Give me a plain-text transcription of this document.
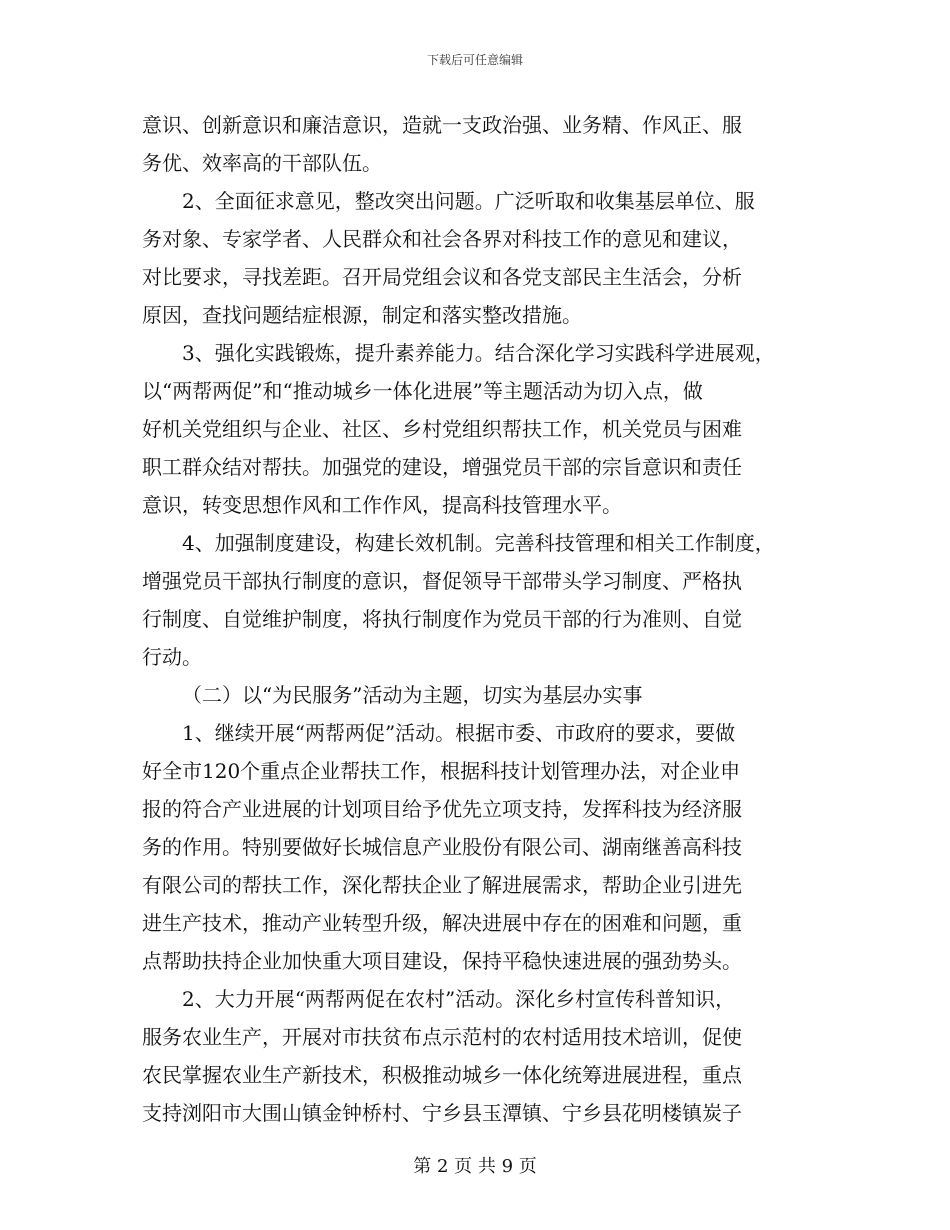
下载后可任意编辑
意识、创新意识和廉洁意识，造就一支政治强、业务精、作风正、服
务优、效率高的干部队伍。
2、全面征求意见，整改突出问题。广泛听取和收集基层单位、服
务对象、专家学者、人民群众和社会各界对科技工作的意见和建议，
对比要求，寻找差距。召开局党组会议和各党支部民主生活会，分析
原因，查找问题结症根源，制定和落实整改措施。
3、强化实践锻炼，提升素养能力。结合深化学习实践科学进展观，
以“两帮两促”和“推动城乡一体化进展”等主题活动为切入点，做
好机关党组织与企业、社区、乡村党组织帮扶工作，机关党员与困难
职工群众结对帮扶。加强党的建设，增强党员干部的宗旨意识和责任
意识，转变思想作风和工作作风，提高科技管理水平。
4、加强制度建设，构建长效机制。完善科技管理和相关工作制度，
增强党员干部执行制度的意识，督促领导干部带头学习制度、严格执
行制度、自觉维护制度，将执行制度作为党员干部的行为准则、自觉
行动。
（二）以“为民服务”活动为主题，切实为基层办实事
1、继续开展“两帮两促”活动。根据市委、市政府的要求，要做
好全市120个重点企业帮扶工作，根据科技计划管理办法，对企业申
报的符合产业进展的计划项目给予优先立项支持，发挥科技为经济服
务的作用。特别要做好长城信息产业股份有限公司、湖南继善高科技
有限公司的帮扶工作，深化帮扶企业了解进展需求，帮助企业引进先
进生产技术，推动产业转型升级，解决进展中存在的困难和问题，重
点帮助扶持企业加快重大项目建设，保持平稳快速进展的强劲势头。
2、大力开展“两帮两促在农村”活动。深化乡村宣传科普知识，
服务农业生产，开展对市扶贫布点示范村的农村适用技术培训，促使
农民掌握农业生产新技术，积极推动城乡一体化统筹进展进程，重点
支持浏阳市大围山镇金钟桥村、宁乡县玉潭镇、宁乡县花明楼镇炭子
第 2 页 共 9 页
